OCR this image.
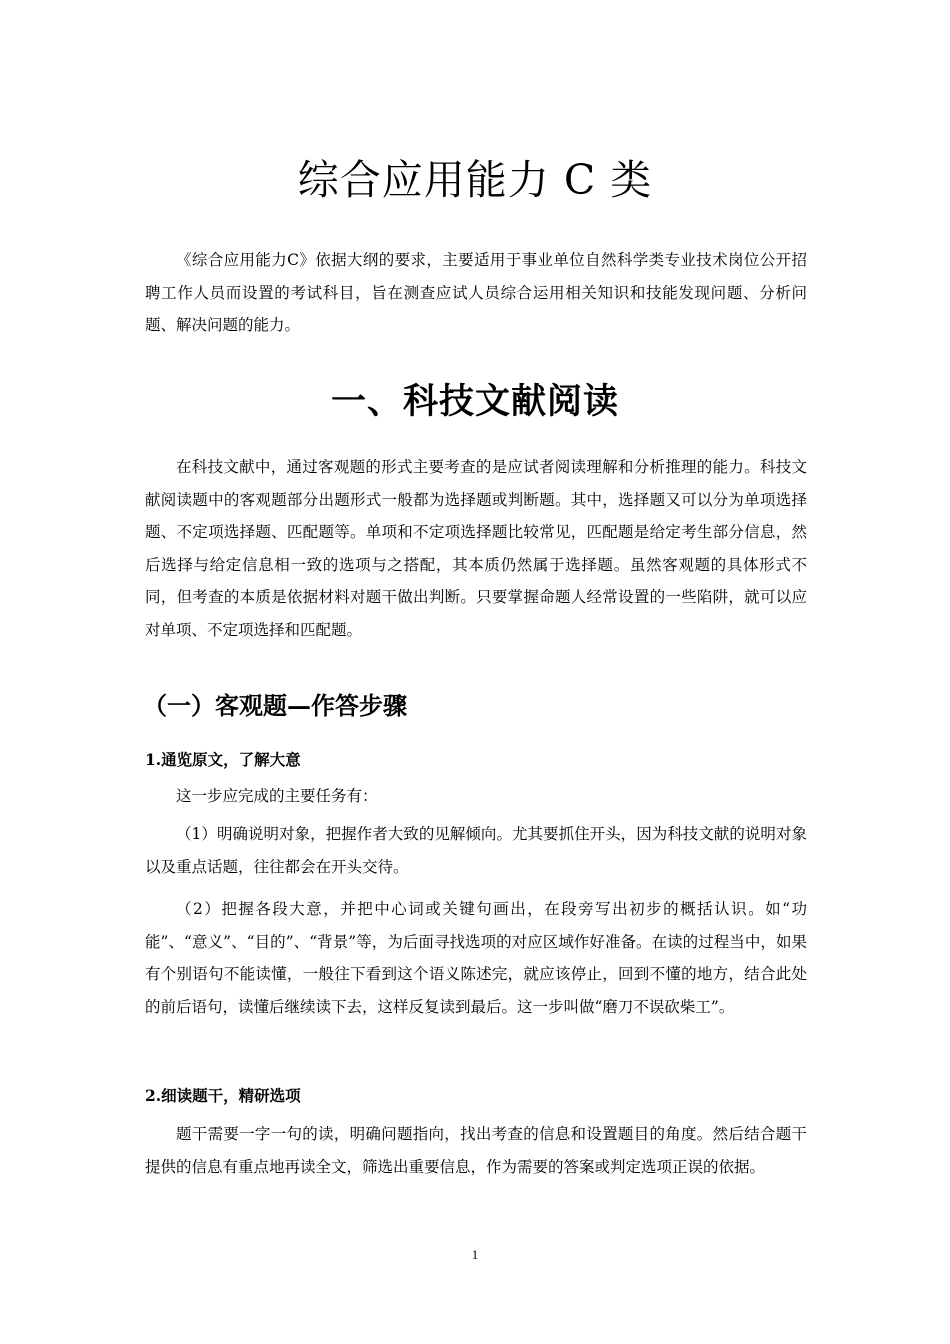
综合应用能力 C 类

《综合应用能力C》依据大纲的要求，主要适用于事业单位自然科学类专业技术岗位公开招聘工作人员而设置的考试科目，旨在测查应试人员综合运用相关知识和技能发现问题、分析问题、解决问题的能力。

一、科技文献阅读

在科技文献中，通过客观题的形式主要考查的是应试者阅读理解和分析推理的能力。科技文献阅读题中的客观题部分出题形式一般都为选择题或判断题。其中，选择题又可以分为单项选择题、不定项选择题、匹配题等。单项和不定项选择题比较常见，匹配题是给定考生部分信息，然后选择与给定信息相一致的选项与之搭配，其本质仍然属于选择题。虽然客观题的具体形式不同，但考查的本质是依据材料对题干做出判断。只要掌握命题人经常设置的一些陷阱，就可以应对单项、不定项选择和匹配题。

（一）客观题—作答步骤

1.通览原文，了解大意

这一步应完成的主要任务有：

（1）明确说明对象，把握作者大致的见解倾向。尤其要抓住开头，因为科技文献的说明对象以及重点话题，往往都会在开头交待。

（2）把握各段大意，并把中心词或关键句画出，在段旁写出初步的概括认识。如“功能”、“意义”、“目的”、“背景”等，为后面寻找选项的对应区域作好准备。在读的过程当中，如果有个别语句不能读懂，一般往下看到这个语义陈述完，就应该停止，回到不懂的地方，结合此处的前后语句，读懂后继续读下去，这样反复读到最后。这一步叫做“磨刀不误砍柴工”。

2.细读题干，精研选项

题干需要一字一句的读，明确问题指向，找出考查的信息和设置题目的角度。然后结合题干提供的信息有重点地再读全文，筛选出重要信息，作为需要的答案或判定选项正误的依据。

1
